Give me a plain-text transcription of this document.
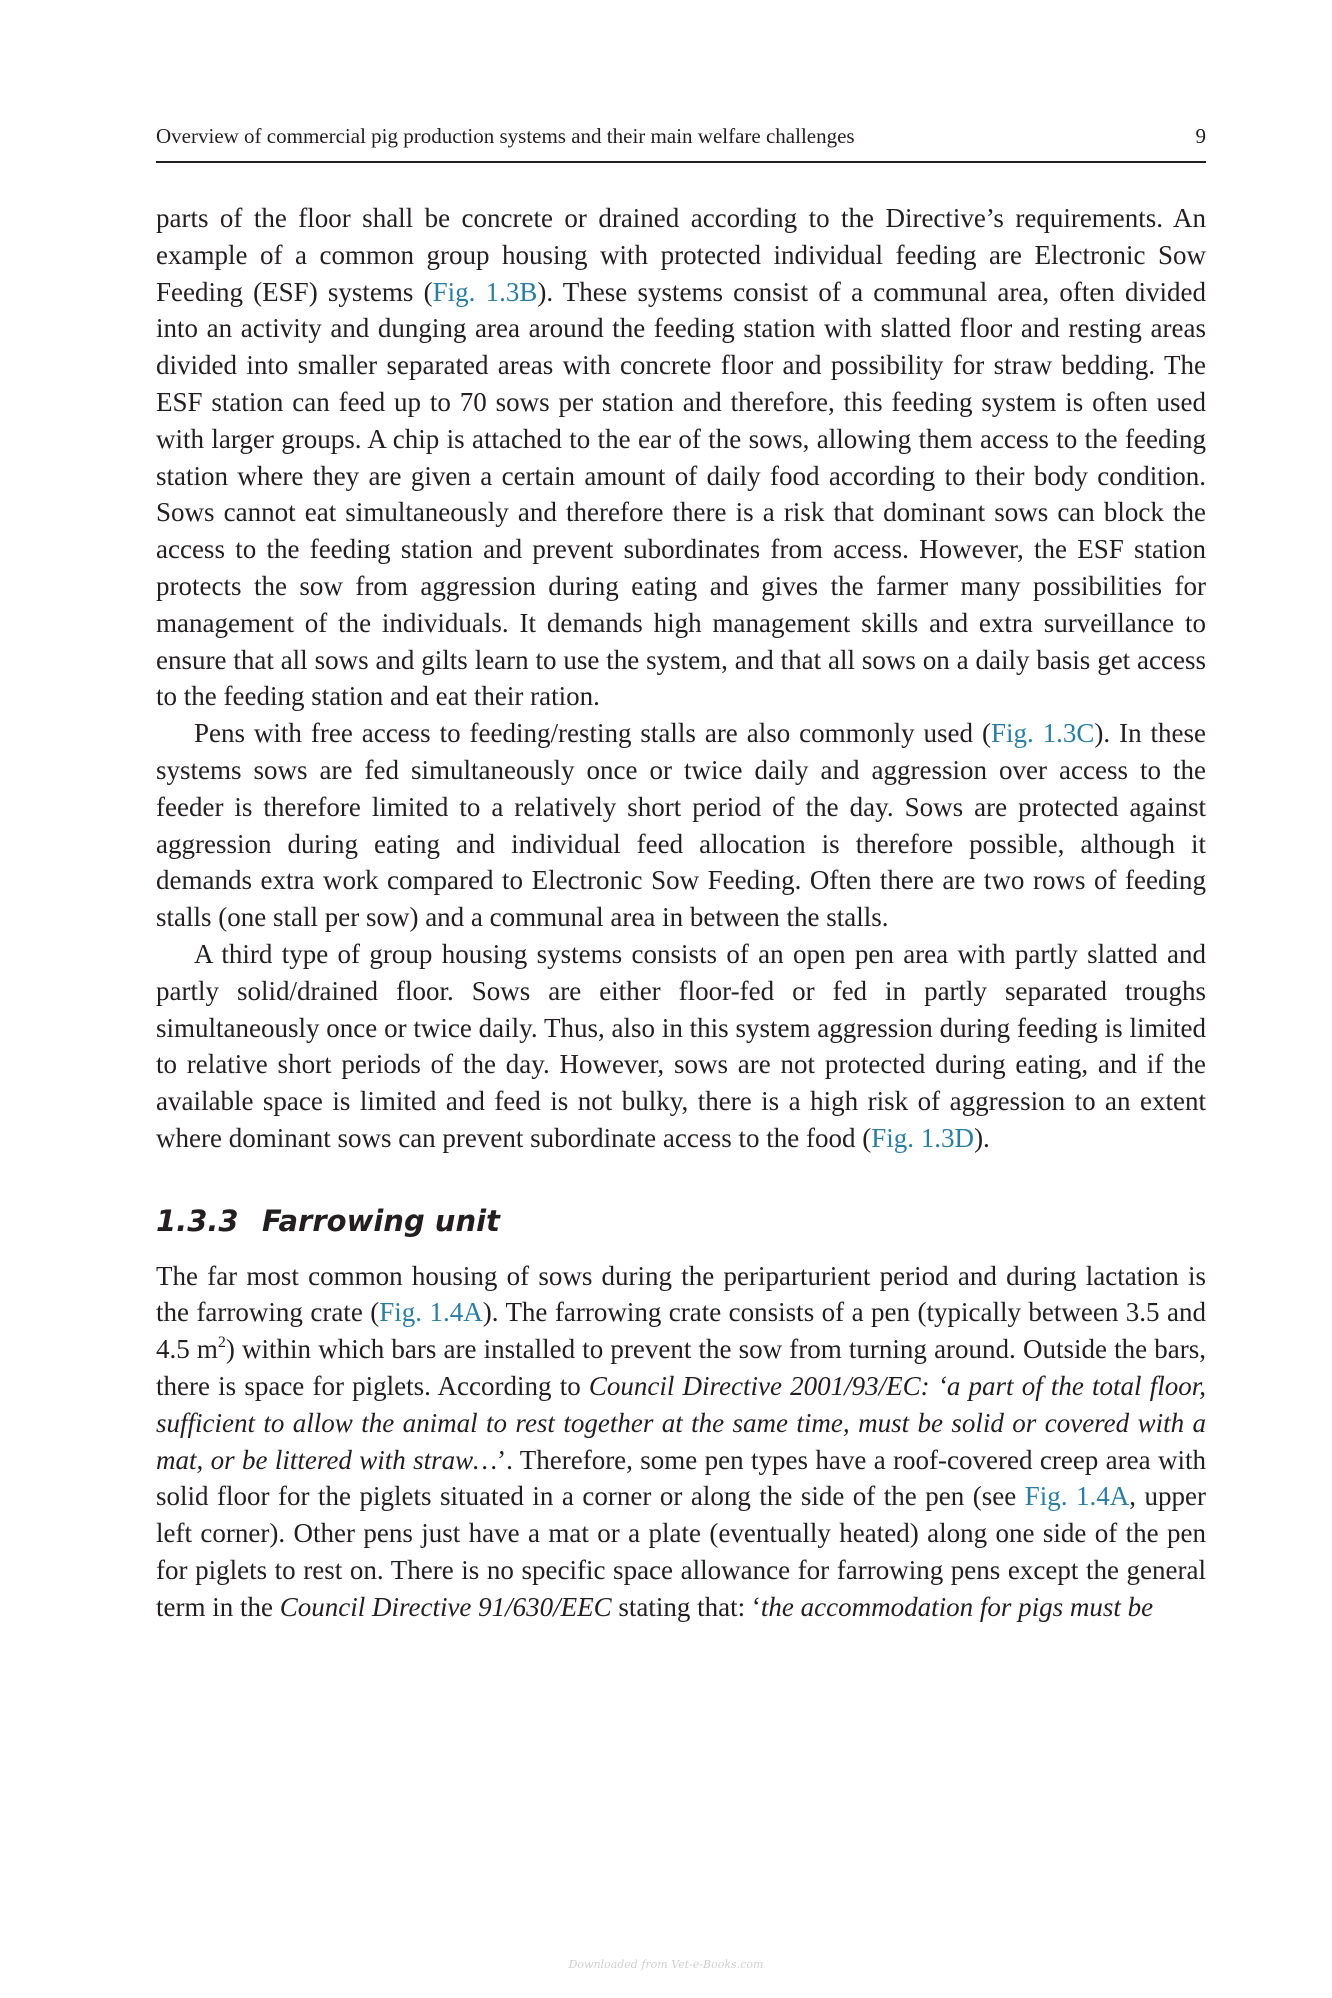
Overview of commercial pig production systems and their main welfare challenges	9

parts of the floor shall be concrete or drained according to the Directive’s requirements. An example of a common group housing with protected individual feeding are Electronic Sow Feeding (ESF) systems (Fig. 1.3B). These systems consist of a communal area, often divided into an activity and dunging area around the feeding station with slatted floor and resting areas divided into smaller separated areas with concrete floor and possibility for straw bedding. The ESF station can feed up to 70 sows per station and therefore, this feeding system is often used with larger groups. A chip is attached to the ear of the sows, allowing them access to the feeding station where they are given a certain amount of daily food according to their body condition. Sows cannot eat simultaneously and therefore there is a risk that dominant sows can block the access to the feeding station and prevent subordinates from access. However, the ESF station protects the sow from aggression during eating and gives the farmer many possibilities for management of the individuals. It demands high management skills and extra surveillance to ensure that all sows and gilts learn to use the system, and that all sows on a daily basis get access to the feeding station and eat their ration.

Pens with free access to feeding/resting stalls are also commonly used (Fig. 1.3C). In these systems sows are fed simultaneously once or twice daily and aggression over access to the feeder is therefore limited to a relatively short period of the day. Sows are protected against aggression during eating and individual feed allocation is therefore possible, although it demands extra work compared to Electronic Sow Feeding. Often there are two rows of feeding stalls (one stall per sow) and a communal area in between the stalls.

A third type of group housing systems consists of an open pen area with partly slatted and partly solid/drained floor. Sows are either floor-fed or fed in partly separated troughs simultaneously once or twice daily. Thus, also in this system aggression during feeding is limited to relative short periods of the day. However, sows are not protected during eating, and if the available space is limited and feed is not bulky, there is a high risk of aggression to an extent where dominant sows can prevent subordinate access to the food (Fig. 1.3D).

1.3.3 Farrowing unit

The far most common housing of sows during the periparturient period and during lactation is the farrowing crate (Fig. 1.4A). The farrowing crate consists of a pen (typically between 3.5 and 4.5 $m^2$) within which bars are installed to prevent the sow from turning around. Outside the bars, there is space for piglets. According to Council Directive 2001/93/EC: ‘a part of the total floor, sufficient to allow the animal to rest together at the same time, must be solid or covered with a mat, or be littered with straw…’. Therefore, some pen types have a roof-covered creep area with solid floor for the piglets situated in a corner or along the side of the pen (see Fig. 1.4A, upper left corner). Other pens just have a mat or a plate (eventually heated) along one side of the pen for piglets to rest on. There is no specific space allowance for farrowing pens except the general term in the Council Directive 91/630/EEC stating that: ‘the accommodation for pigs must be

Downloaded from Vet-e-Books.com
